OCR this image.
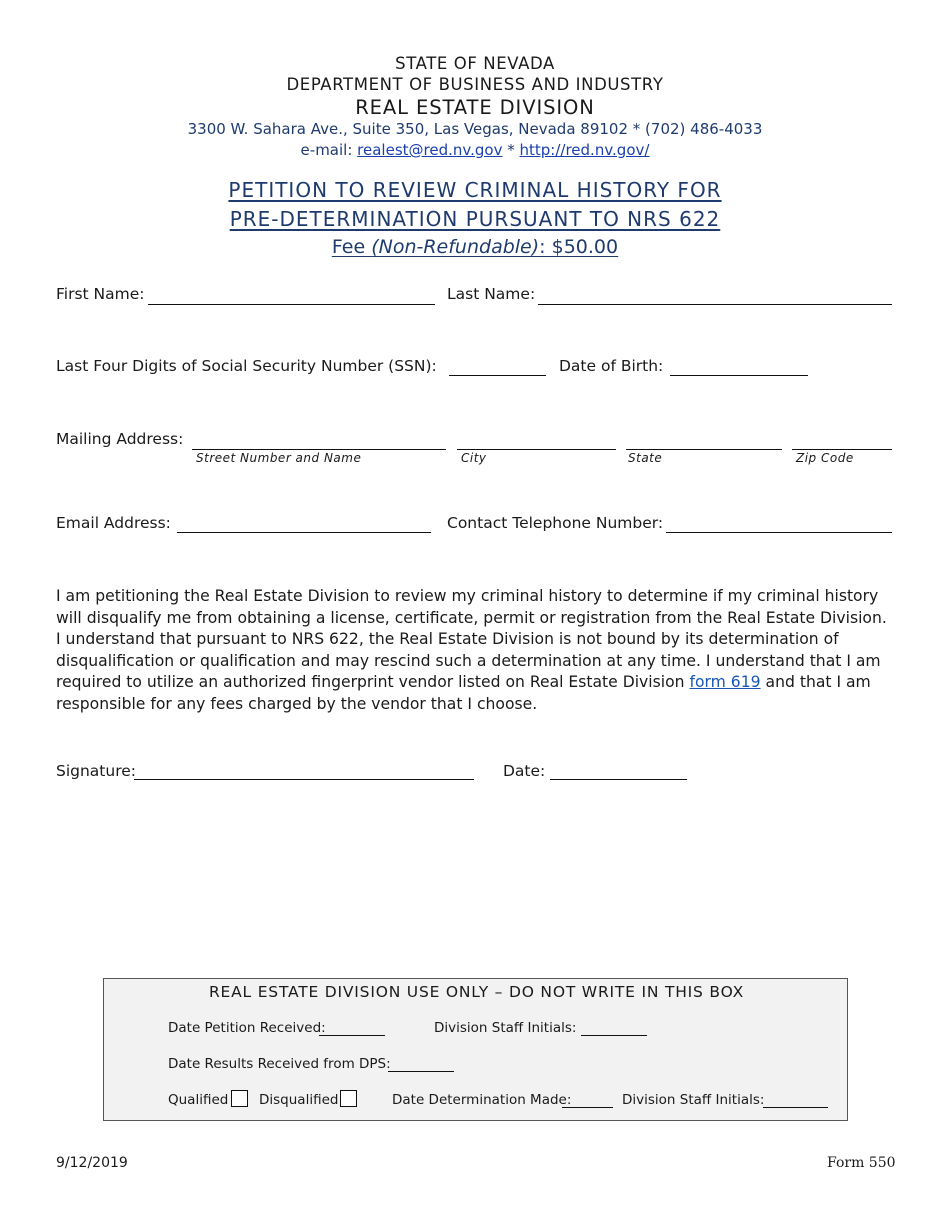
STATE OF NEVADA
DEPARTMENT OF BUSINESS AND INDUSTRY
REAL ESTATE DIVISION
3300 W. Sahara Ave., Suite 350, Las Vegas, Nevada 89102 * (702) 486-4033
e-mail: realest@red.nv.gov * http://red.nv.gov/
PETITION TO REVIEW CRIMINAL HISTORY FOR
PRE-DETERMINATION PURSUANT TO NRS 622
Fee (Non-Refundable): $50.00
First Name:	Last Name:
Last Four Digits of Social Security Number (SSN):	Date of Birth:
Mailing Address:
Street Number and Name	City	State	Zip Code
Email Address:	Contact Telephone Number:
I am petitioning the Real Estate Division to review my criminal history to determine if my criminal history will disqualify me from obtaining a license, certificate, permit or registration from the Real Estate Division. I understand that pursuant to NRS 622, the Real Estate Division is not bound by its determination of disqualification or qualification and may rescind such a determination at any time. I understand that I am required to utilize an authorized fingerprint vendor listed on Real Estate Division form 619 and that I am responsible for any fees charged by the vendor that I choose.
Signature:	Date:
REAL ESTATE DIVISION USE ONLY – DO NOT WRITE IN THIS BOX
Date Petition Received:	Division Staff Initials:
Date Results Received from DPS:
Qualified Disqualified	Date Determination Made:	Division Staff Initials:
9/12/2019	Form 550
